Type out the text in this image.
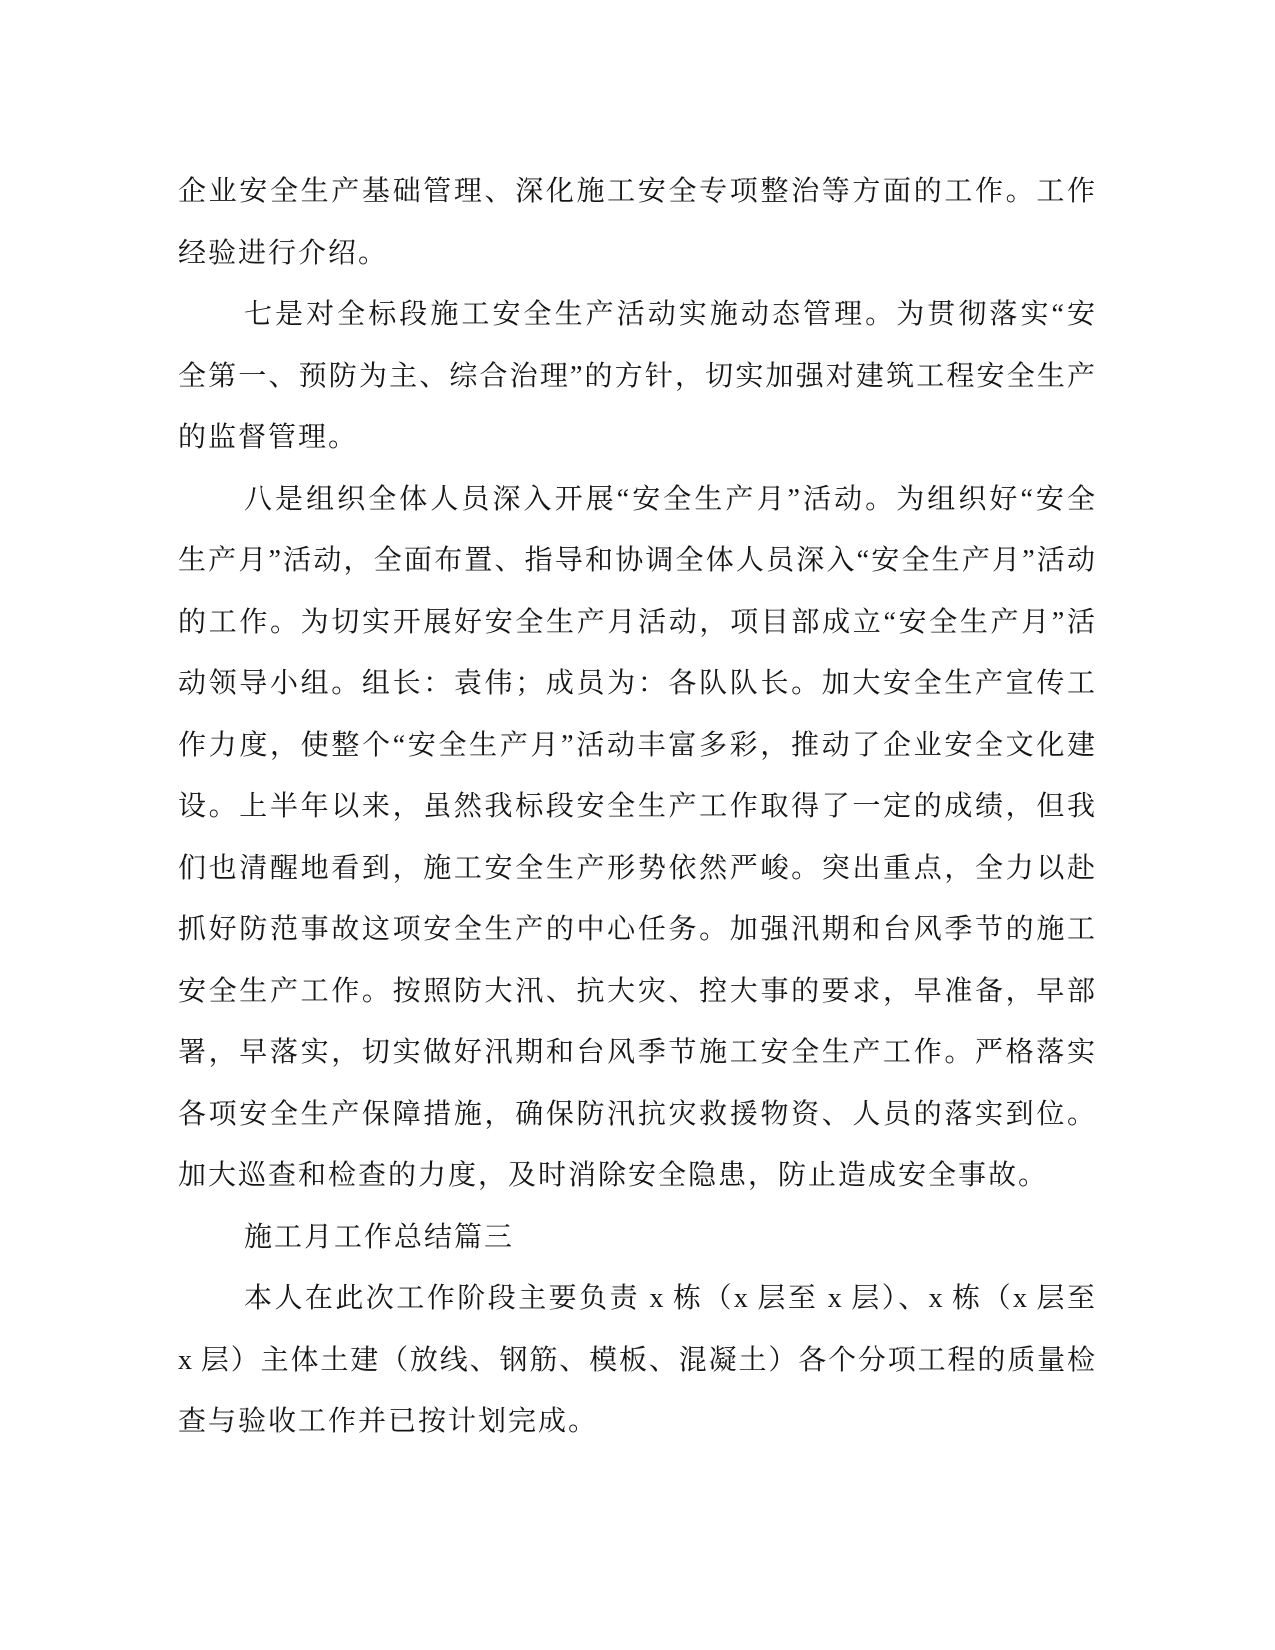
企业安全生产基础管理、深化施工安全专项整治等方面的工作。工作
经验进行介绍。
七是对全标段施工安全生产活动实施动态管理。为贯彻落实“安
全第一、预防为主、综合治理”的方针，切实加强对建筑工程安全生产
的监督管理。
八是组织全体人员深入开展“安全生产月”活动。为组织好“安全
生产月”活动，全面布置、指导和协调全体人员深入“安全生产月”活动
的工作。为切实开展好安全生产月活动，项目部成立“安全生产月”活
动领导小组。组长：袁伟；成员为：各队队长。加大安全生产宣传工
作力度，使整个“安全生产月”活动丰富多彩，推动了企业安全文化建
设。上半年以来，虽然我标段安全生产工作取得了一定的成绩，但我
们也清醒地看到，施工安全生产形势依然严峻。突出重点，全力以赴
抓好防范事故这项安全生产的中心任务。加强汛期和台风季节的施工
安全生产工作。按照防大汛、抗大灾、控大事的要求，早准备，早部
署，早落实，切实做好汛期和台风季节施工安全生产工作。严格落实
各项安全生产保障措施，确保防汛抗灾救援物资、人员的落实到位。
加大巡查和检查的力度，及时消除安全隐患，防止造成安全事故。
施工月工作总结篇三
本人在此次工作阶段主要负责 x 栋（x 层至 x 层）、x 栋（x 层至
x 层）主体土建（放线、钢筋、模板、混凝土）各个分项工程的质量检
查与验收工作并已按计划完成。
